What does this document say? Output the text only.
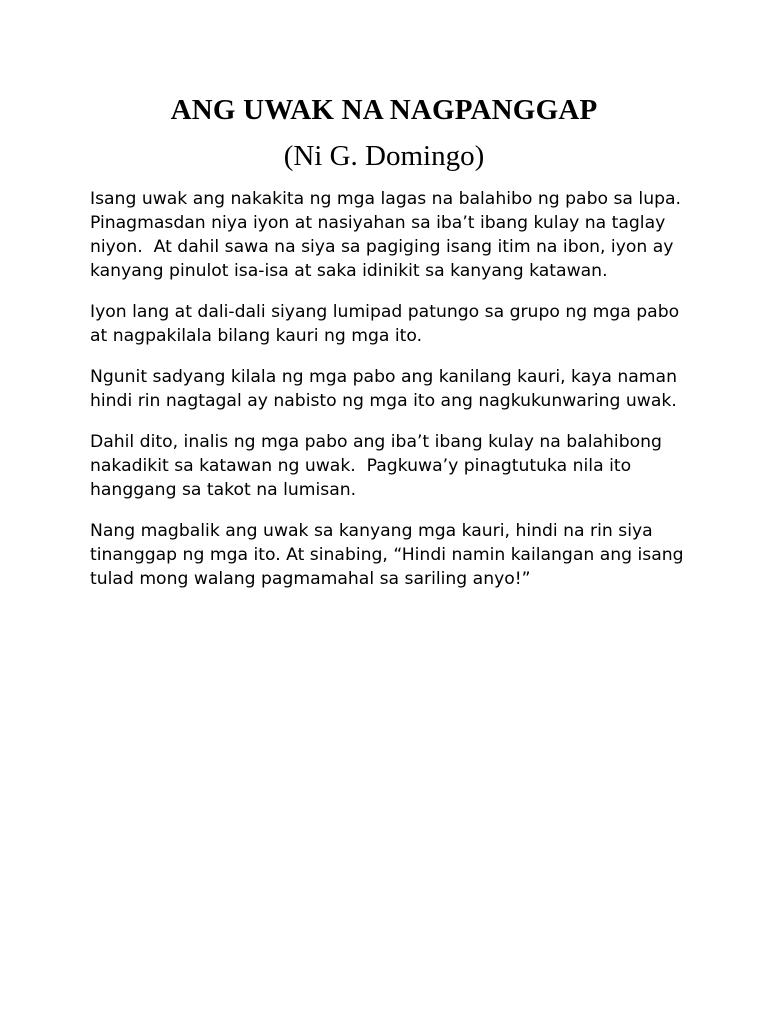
ANG UWAK NA NAGPANGGAP
(Ni G. Domingo)

Isang uwak ang nakakita ng mga lagas na balahibo ng pabo sa lupa.
Pinagmasdan niya iyon at nasiyahan sa iba’t ibang kulay na taglay
niyon.  At dahil sawa na siya sa pagiging isang itim na ibon, iyon ay
kanyang pinulot isa-isa at saka idinikit sa kanyang katawan.

Iyon lang at dali-dali siyang lumipad patungo sa grupo ng mga pabo
at nagpakilala bilang kauri ng mga ito.

Ngunit sadyang kilala ng mga pabo ang kanilang kauri, kaya naman
hindi rin nagtagal ay nabisto ng mga ito ang nagkukunwaring uwak.

Dahil dito, inalis ng mga pabo ang iba’t ibang kulay na balahibong
nakadikit sa katawan ng uwak.  Pagkuwa’y pinagtutuka nila ito
hanggang sa takot na lumisan.

Nang magbalik ang uwak sa kanyang mga kauri, hindi na rin siya
tinanggap ng mga ito. At sinabing, “Hindi namin kailangan ang isang
tulad mong walang pagmamahal sa sariling anyo!”
